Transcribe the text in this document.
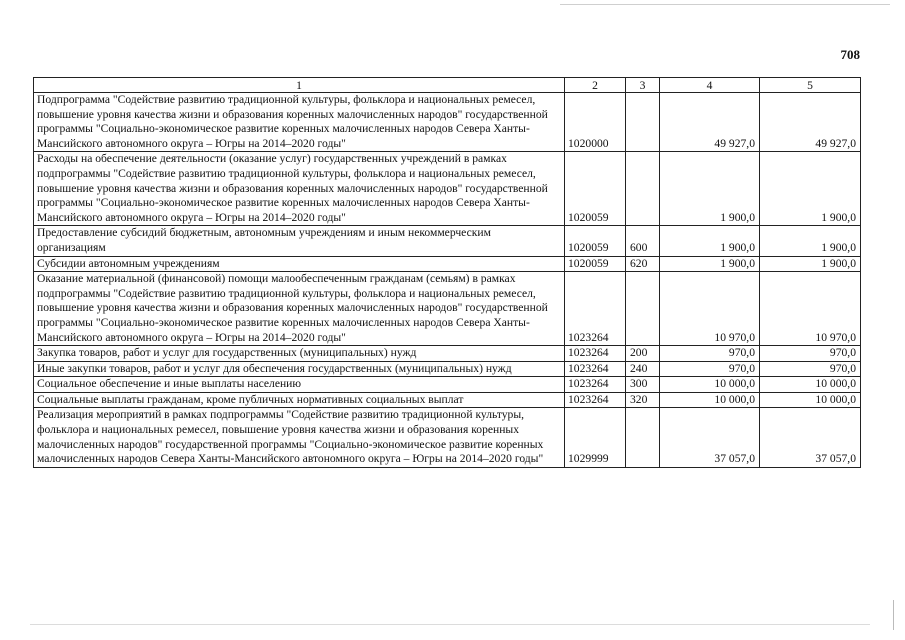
708
1	2	3	4	5
Подпрограмма "Содействие развитию традиционной культуры, фольклора и национальных ремесел, повышение уровня качества жизни и образования коренных малочисленных народов" государственной программы "Социально-экономическое развитие коренных малочисленных народов Севера Ханты-Мансийского автономного округа – Югры на 2014–2020 годы"	1020000		49 927,0	49 927,0
Расходы на обеспечение деятельности (оказание услуг) государственных учреждений в рамках подпрограммы "Содействие развитию традиционной культуры, фольклора и национальных ремесел, повышение уровня качества жизни и образования коренных малочисленных народов" государственной программы "Социально-экономическое развитие коренных малочисленных народов Севера Ханты-Мансийского автономного округа – Югры на 2014–2020 годы"	1020059		1 900,0	1 900,0
Предоставление субсидий бюджетным, автономным учреждениям и иным некоммерческим организациям	1020059	600	1 900,0	1 900,0
Субсидии автономным учреждениям	1020059	620	1 900,0	1 900,0
Оказание материальной (финансовой) помощи малообеспеченным гражданам (семьям) в рамках подпрограммы "Содействие развитию традиционной культуры, фольклора и национальных ремесел, повышение уровня качества жизни и образования коренных малочисленных народов" государственной программы "Социально-экономическое развитие коренных малочисленных народов Севера Ханты-Мансийского автономного округа – Югры на 2014–2020 годы"	1023264		10 970,0	10 970,0
Закупка товаров, работ и услуг для государственных (муниципальных) нужд	1023264	200	970,0	970,0
Иные закупки товаров, работ и услуг для обеспечения государственных (муниципальных) нужд	1023264	240	970,0	970,0
Социальное обеспечение и иные выплаты населению	1023264	300	10 000,0	10 000,0
Социальные выплаты гражданам, кроме публичных нормативных социальных выплат	1023264	320	10 000,0	10 000,0
Реализация мероприятий в рамках подпрограммы "Содействие развитию традиционной культуры, фольклора и национальных ремесел, повышение уровня качества жизни и образования коренных малочисленных народов" государственной программы "Социально-экономическое развитие коренных малочисленных народов Севера Ханты-Мансийского автономного округа – Югры на 2014–2020 годы"	1029999		37 057,0	37 057,0
